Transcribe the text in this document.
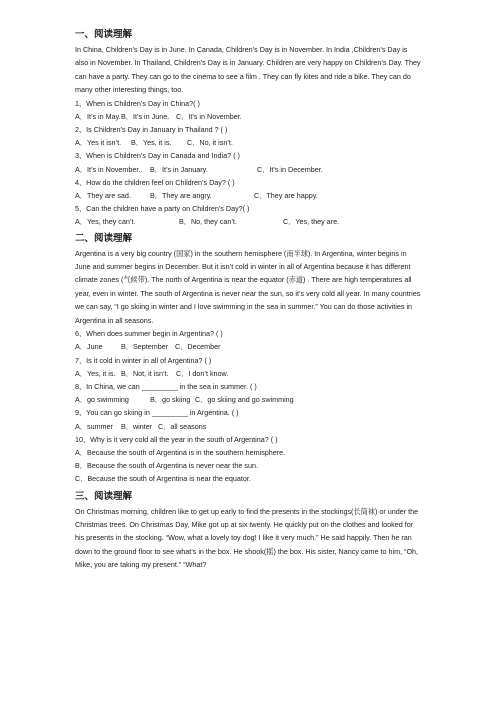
一、阅读理解

In China, Children’s Day is in June. In Canada, Children’s Day is in November. In India ,Children’s Day is also in November. In Thailand, Children’s Day is in January. Children are very happy on Children’s Day. They can have a party. They can go to the cinema to see a film . They can fly kites and ride a bike. They can do many other interesting things, too.

1、When is Children’s Day in China?( )
A．It’s in May. B．It’s in June. C．It’s in November.
2、Is Children’s Day in January in Thailand ? ( )
A．Yes it isn’t.	B．Yes, it is.	C．No, it isn’t.
3、When is Children’s Day in Canada and India? ( )
A．It’s in November..	B．It’s in January.	C．It’s in December.
4、How do the children feel on Children’s Day? ( )
A．They are sad.	B．They are angry.	C．They are happy.
5、Can the children have a party on Children’s Day?( )
A．Yes, they can’t.	B．No, they can’t.	C．Yes, they are.
二、阅读理解

Argentina is a very big country (国家) in the southern hemisphere (南半球). In Argentina, winter begins in June and summer begins in December. But it isn’t cold in winter in all of Argentina because it has different climate zones (气候带). The north of Argentina is near the equator (赤道) . There are high temperatures all year, even in winter. The south of Argentina is never near the sun, so it’s very cold all year. In many countries we can say, “I go skiing in winter and I love swimming in the sea in summer.” You can do those activities in Argentina in all seasons.

6、When does summer begin in Argentina? ( )
A．June	B．September C．December
7、Is it cold in winter in all of Argentina? ( )
A．Yes, it is. B．Not, it isn’t.	C．I don’t know.
8、In China, we can _________ in the sea in summer. ( )
A．go swimming	B．go skiing C．go skiing and go swimming
9、You can go skiing in _________ in Argentina. ( )
A．summer	B．winter C．all seasons
10、Why is it very cold all the year in the south of Argentina? ( )
A．Because the south of Argentina is in the southern hemisphere.
B．Because the south of Argentina is never near the sun.
C．Because the south of Argentina is near the equator.
三、阅读理解

On Christmas morning, children like to get up early to find the presents in the stockings(长筒袜) or under the Christmas trees. On Christmas Day, Mike got up at six twenty. He quickly put on the clothes and looked for his presents in the stocking. “Wow, what a lovely toy dog! I like it very much.” He said happily. Then he ran down to the ground floor to see what’s in the box. He shook(摇) the box. His sister, Nancy came to him, “Oh, Mike, you are taking my present.” “What?
